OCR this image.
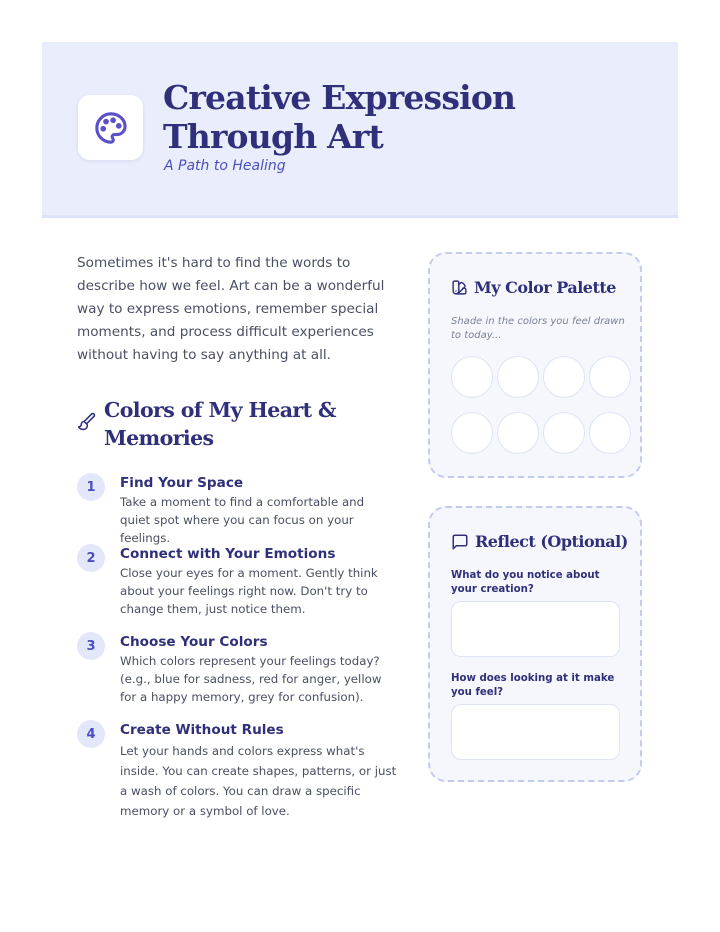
Creative Expression Through Art
A Path to Healing

Sometimes it's hard to find the words to describe how we feel. Art can be a wonderful way to express emotions, remember special moments, and process difficult experiences without having to say anything at all.

Colors of My Heart & Memories
1	Find Your Space
Take a moment to find a comfortable and quiet spot where you can focus on your feelings.
2	Connect with Your Emotions
Close your eyes for a moment. Gently think about your feelings right now. Don't try to change them, just notice them.
3	Choose Your Colors
Which colors represent your feelings today? (e.g., blue for sadness, red for anger, yellow for a happy memory, grey for confusion).
4	Create Without Rules
Let your hands and colors express what's inside. You can create shapes, patterns, or just a wash of colors. You can draw a specific memory or a symbol of love.
My Color Palette
Shade in the colors you feel drawn to today...
Reflect (Optional)
What do you notice about your creation?
How does looking at it make you feel?
